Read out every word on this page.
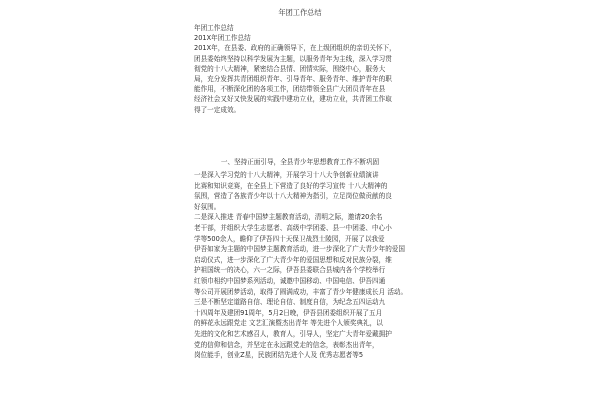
年团工作总结
年团工作总结
201X年团工作总结
201X年，在县委、政府的正确领导下，在上级团组织的亲切关怀下，
团县委始终坚持以科学发展为主题，以服务青年为主线，深入学习贯
彻党的十八大精神，紧密结合县情、团情实际，围绕中心，服务大
局，充分发挥共青团组织青年、引导青年、服务青年、维护青年的职
能作用，不断深化团的各项工作，团结带领全县广大团员青年在县
经济社会又好又快发展的实践中建功立业，建功立业，共青团工作取
得了一定成效。
一、坚持正面引导，全县青少年思想教育工作不断巩固
一是深入学习党的十八大精神，开展学习十八大争创新业绩演讲
比赛和知识竞赛，在全县上下营造了良好的学习宣传 十八大精神的
氛围，营造了各族青少年以十八大精神为指引，立足岗位做贡献的良
好氛围。
二是深入推进 青春中国梦主题教育活动，清明之际，邀请20余名
老干部，并组织大学生志愿者、高级中学团委、县一中团委、中心小
学等500余人，瞻仰了伊吾四十天保卫战烈士陵园，开展了以我爱
伊吾如家为主题的中国梦主题教育活动，进一步深化了广大青少年的爱国
启动仪式，进一步深化了广大青少年的爱国思想和反对民族分裂，维
护祖国统一的决心，六一之际，伊吾县委联合县城内各个学校举行
红领巾相约中国梦系列活动，诚邀中国移动、中国电信、伊吾四通
等公司开展团梦活动，取得了圆满成功，丰富了青少年健康成长月 活动。
三是不断坚定道路自信、理论自信、制度自信，为纪念五四运动九
十四周年及建团91周年，5月2日晚，伊吾县团委组织开展了五月
的鲜花永远跟党走 文艺汇演暨杰出青年 等先进个人颁奖典礼，以
先进的文化和艺术感召人，教育人，引导人，坚定广大青年爱戴拥护
党的信仰和信念，并坚定在永远跟党走的信念，表彰杰出青年，
岗位能手，创业Z星，民族团结先进个人及 优秀志愿者等5
